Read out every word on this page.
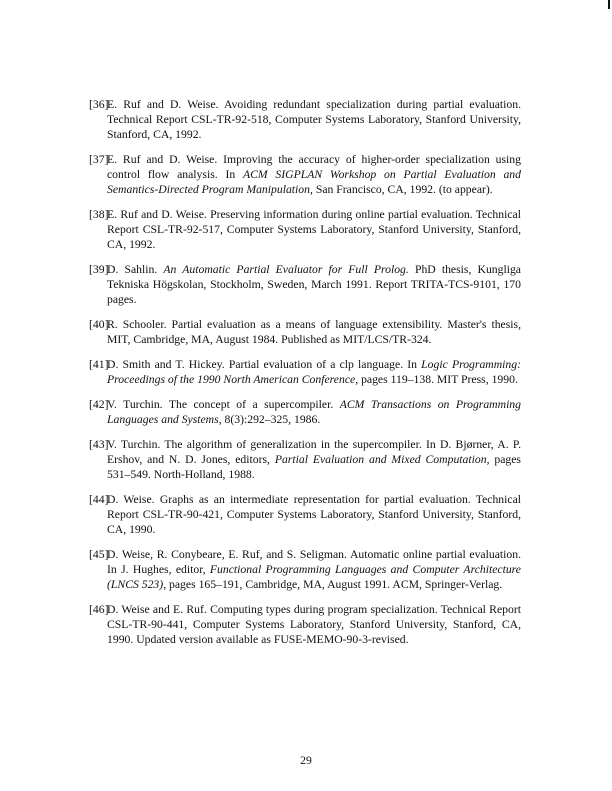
[36]
E. Ruf and D. Weise. Avoiding redundant specialization during partial evaluation. Technical Report CSL-TR-92-518, Computer Systems Laboratory, Stanford University, Stanford, CA, 1992.
[37]
E. Ruf and D. Weise. Improving the accuracy of higher-order specialization using control flow analysis. In ACM SIGPLAN Workshop on Partial Evaluation and Semantics-Directed Program Manipulation, San Francisco, CA, 1992. (to appear).
[38]
E. Ruf and D. Weise. Preserving information during online partial evaluation. Technical Report CSL-TR-92-517, Computer Systems Laboratory, Stanford University, Stanford, CA, 1992.
[39]
D. Sahlin. An Automatic Partial Evaluator for Full Prolog. PhD thesis, Kungliga Tekniska Högskolan, Stockholm, Sweden, March 1991. Report TRITA-TCS-9101, 170 pages.
[40]
R. Schooler. Partial evaluation as a means of language extensibility. Master's thesis, MIT, Cambridge, MA, August 1984. Published as MIT/LCS/TR-324.
[41]
D. Smith and T. Hickey. Partial evaluation of a clp language. In Logic Programming: Proceedings of the 1990 North American Conference, pages 119–138. MIT Press, 1990.
[42]
V. Turchin. The concept of a supercompiler. ACM Transactions on Programming Languages and Systems, 8(3):292–325, 1986.
[43]
V. Turchin. The algorithm of generalization in the supercompiler. In D. Bjørner, A. P. Ershov, and N. D. Jones, editors, Partial Evaluation and Mixed Computation, pages 531–549. North-Holland, 1988.
[44]
D. Weise. Graphs as an intermediate representation for partial evaluation. Technical Report CSL-TR-90-421, Computer Systems Laboratory, Stanford University, Stanford, CA, 1990.
[45]
D. Weise, R. Conybeare, E. Ruf, and S. Seligman. Automatic online partial evaluation. In J. Hughes, editor, Functional Programming Languages and Computer Architecture (LNCS 523), pages 165–191, Cambridge, MA, August 1991. ACM, Springer-Verlag.
[46]
D. Weise and E. Ruf. Computing types during program specialization. Technical Report CSL-TR-90-441, Computer Systems Laboratory, Stanford University, Stanford, CA, 1990. Updated version available as FUSE-MEMO-90-3-revised.
29
